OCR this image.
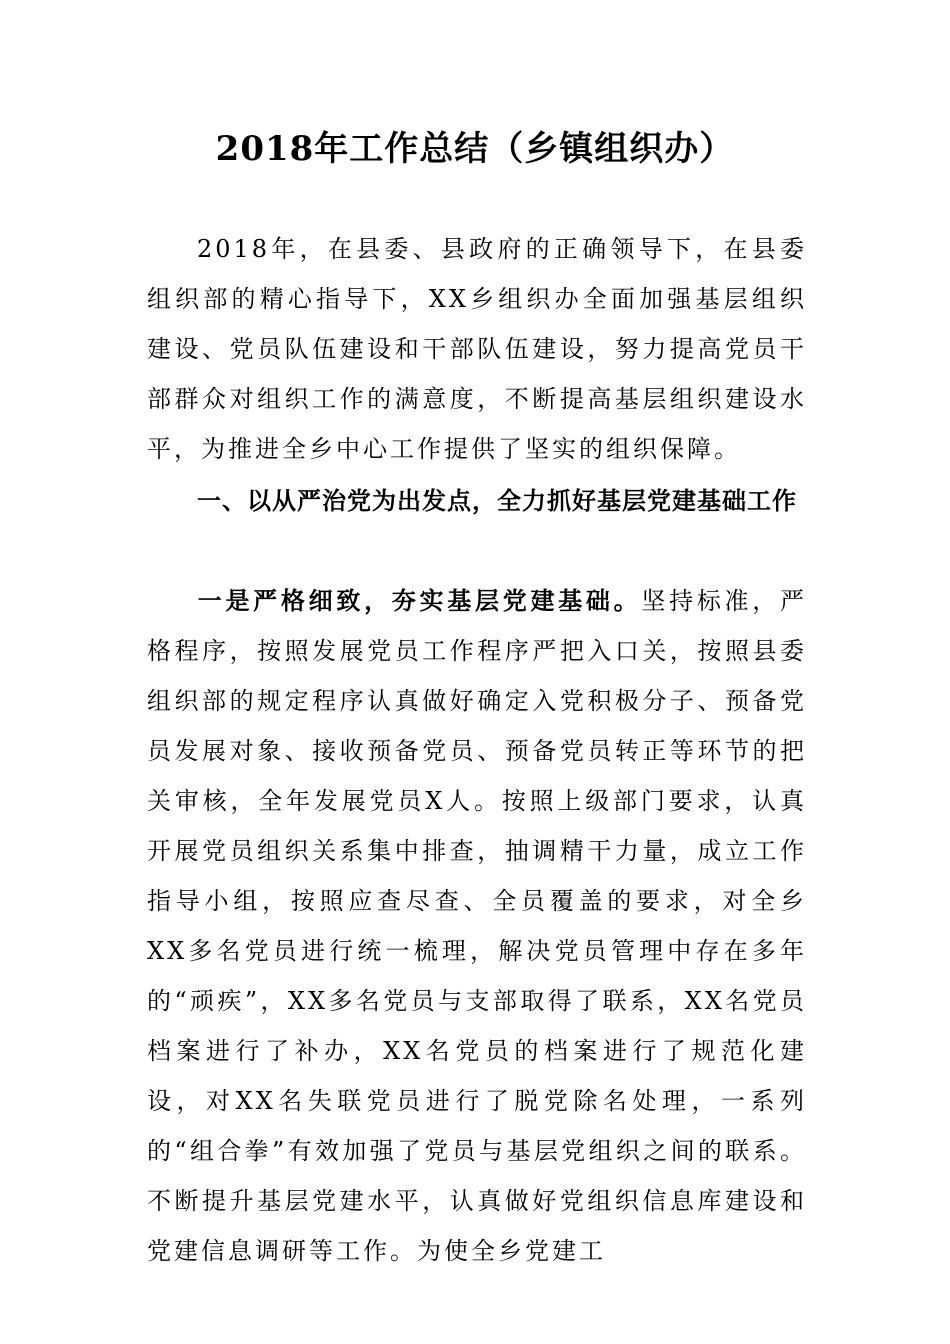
2018年工作总结（乡镇组织办）
2018年，在县委、县政府的正确领导下，在县委组织部的精心指导下，XX乡组织办全面加强基层组织建设、党员队伍建设和干部队伍建设，努力提高党员干部群众对组织工作的满意度，不断提高基层组织建设水平，为推进全乡中心工作提供了坚实的组织保障。
一、以从严治党为出发点，全力抓好基层党建基础工作
一是严格细致，夯实基层党建基础。坚持标准，严格程序，按照发展党员工作程序严把入口关，按照县委组织部的规定程序认真做好确定入党积极分子、预备党员发展对象、接收预备党员、预备党员转正等环节的把关审核，全年发展党员X人。按照上级部门要求，认真开展党员组织关系集中排查，抽调精干力量，成立工作指导小组，按照应查尽查、全员覆盖的要求，对全乡XX多名党员进行统一梳理，解决党员管理中存在多年的“顽疾”，XX多名党员与支部取得了联系，XX名党员档案进行了补办，XX名党员的档案进行了规范化建设，对XX名失联党员进行了脱党除名处理，一系列的“组合拳”有效加强了党员与基层党组织之间的联系。不断提升基层党建水平，认真做好党组织信息库建设和党建信息调研等工作。为使全乡党建工
